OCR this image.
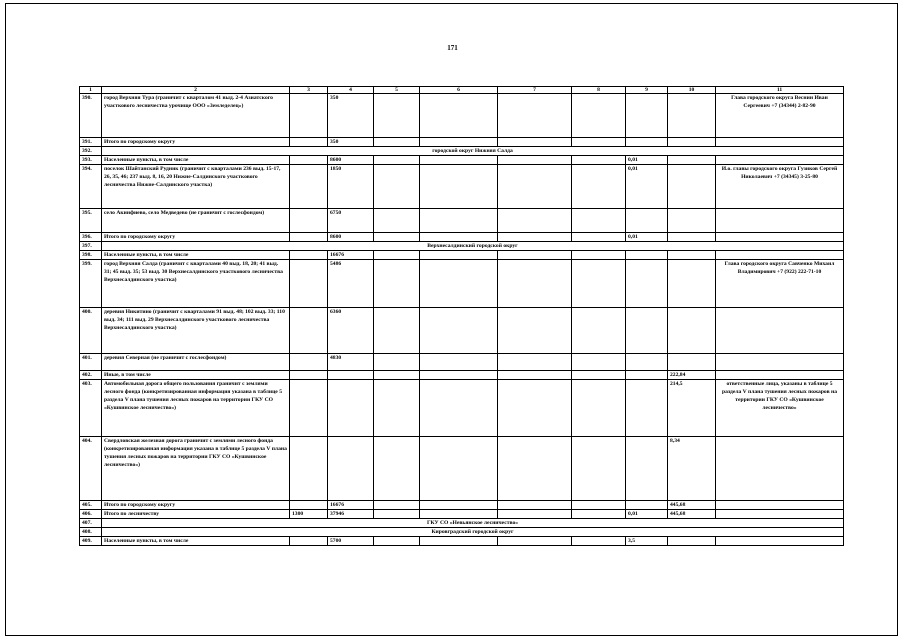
171
1	2	3	4	5	6	7	8	9	10	11
390.	город Верхняя Тура (граничит с кварталом 41 выд. 2-4 Азиатского участкового лесничества урочище ООО «Земледелец»)		350							Глава городского округа Веснин Иван Сергеевич +7 (34344) 2-82-90
391.	Итого по городскому округу		350							
392.	городской округ Нижняя Салда									
393.	Населенные пункты, в том числе		8600					0,01		
394.	поселок Шайтанский Рудник (граничит с кварталами 236 выд. 15-17, 26, 35, 46; 237 выд. 8, 16, 20 Нижне-Салдинского участкового лесничества Нижне-Салдинского участка)		1850					0,01		И.о. главы городского округа Гузиков Сергей Николаевич +7 (34345) 3-25-80
395.	село Акинфиево, село Медведево (не граничит с гослесфондом)		6750							
396.	Итого по городскому округу		8600					0,01		
397.	Верхнесалдинский городской округ									
398.	Населенные пункты, в том числе		16676							
399.	город Верхняя Салда (граничит с кварталами 40 выд. 18, 20; 41 выд. 31; 45 выд. 35; 53 выд. 30 Верхнесалдинского участкового лесничества Верхнесалдинского участка)		5486							Глава городского округа Савченко Михаил Владимирович +7 (922) 222-71-10
400.	деревня Никитино (граничит с кварталами 91 выд. 48; 102 выд. 33; 110 выд. 34; 111 выд. 29 Верхнесалдинского участкового лесничества Верхнесалдинского участка)		6360							
401.	деревня Северная (не граничит с гослесфондом)		4830							
402.	Иные, в том числе								222,84	
403.	Автомобильная дорога общего пользования граничит с землями лесного фонда (конкретизированная информация указана в таблице 5 раздела V плана тушения лесных пожаров на территории ГКУ СО «Кушвинское лесничество»)								214,5	ответственные лица, указаны в таблице 5 раздела V плана тушения лесных пожаров на территории ГКУ СО «Кушвинское лесничество»
404.	Свердловская железная дорога граничит с землями лесного фонда (конкретизированная информация указана в таблице 5 раздела V плана тушения лесных пожаров на территории ГКУ СО «Кушвинское лесничество»)								8,34	
405.	Итого по городскому округу		16676						445,68	
406.	Итого по лесничеству	1300	37946					0,01	445,68	
407.	ГКУ СО «Невьянское лесничество»									
408.	Кировградский городской округ									
409.	Населенные пункты, в том числе		5700					3,5		
